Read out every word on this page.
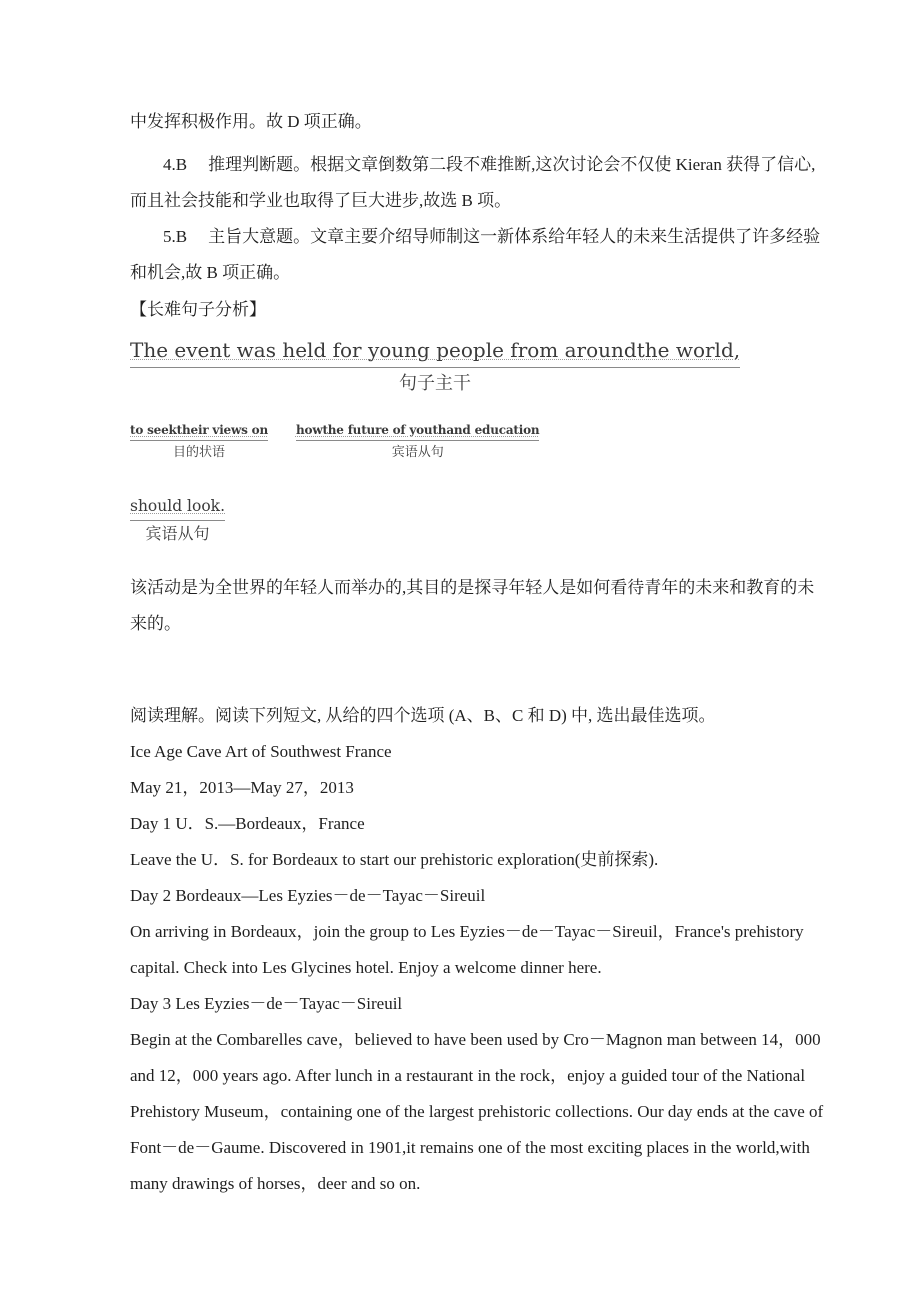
中发挥积极作用。故 D 项正确。
4.B 推理判断题。根据文章倒数第二段不难推断,这次讨论会不仅使 Kieran 获得了信心,
而且社会技能和学业也取得了巨大进步,故选 B 项。
5.B 主旨大意题。文章主要介绍导师制这一新体系给年轻人的未来生活提供了许多经验
和机会,故 B 项正确。
【长难句子分析】
The event was held for young people from aroundthe world,
句子主干
to seektheir views on
目的状语
howthe future of youthand education
宾语从句
should look.
宾语从句
该活动是为全世界的年轻人而举办的,其目的是探寻年轻人是如何看待青年的未来和教育的未
来的。
阅读理解。阅读下列短文, 从给的四个选项 (A、B、C 和 D) 中, 选出最佳选项。
Ice Age Cave Art of Southwest France
May 21，2013—May 27，2013
Day 1 U．S.—Bordeaux，France
Leave the U．S. for Bordeaux to start our prehistoric exploration(史前探索).
Day 2 Bordeaux—Les Eyzies－de－Tayac－Sireuil
On arriving in Bordeaux，join the group to Les Eyzies－de－Tayac－Sireuil，France's prehistory
capital. Check into Les Glycines hotel. Enjoy a welcome dinner here.
Day 3 Les Eyzies－de－Tayac－Sireuil
Begin at the Combarelles cave，believed to have been used by Cro－Magnon man between 14，000
and 12，000 years ago. After lunch in a restaurant in the rock，enjoy a guided tour of the National
Prehistory Museum，containing one of the largest prehistoric collections. Our day ends at the cave of
Font－de－Gaume. Discovered in 1901,it remains one of the most exciting places in the world,with
many drawings of horses，deer and so on.
